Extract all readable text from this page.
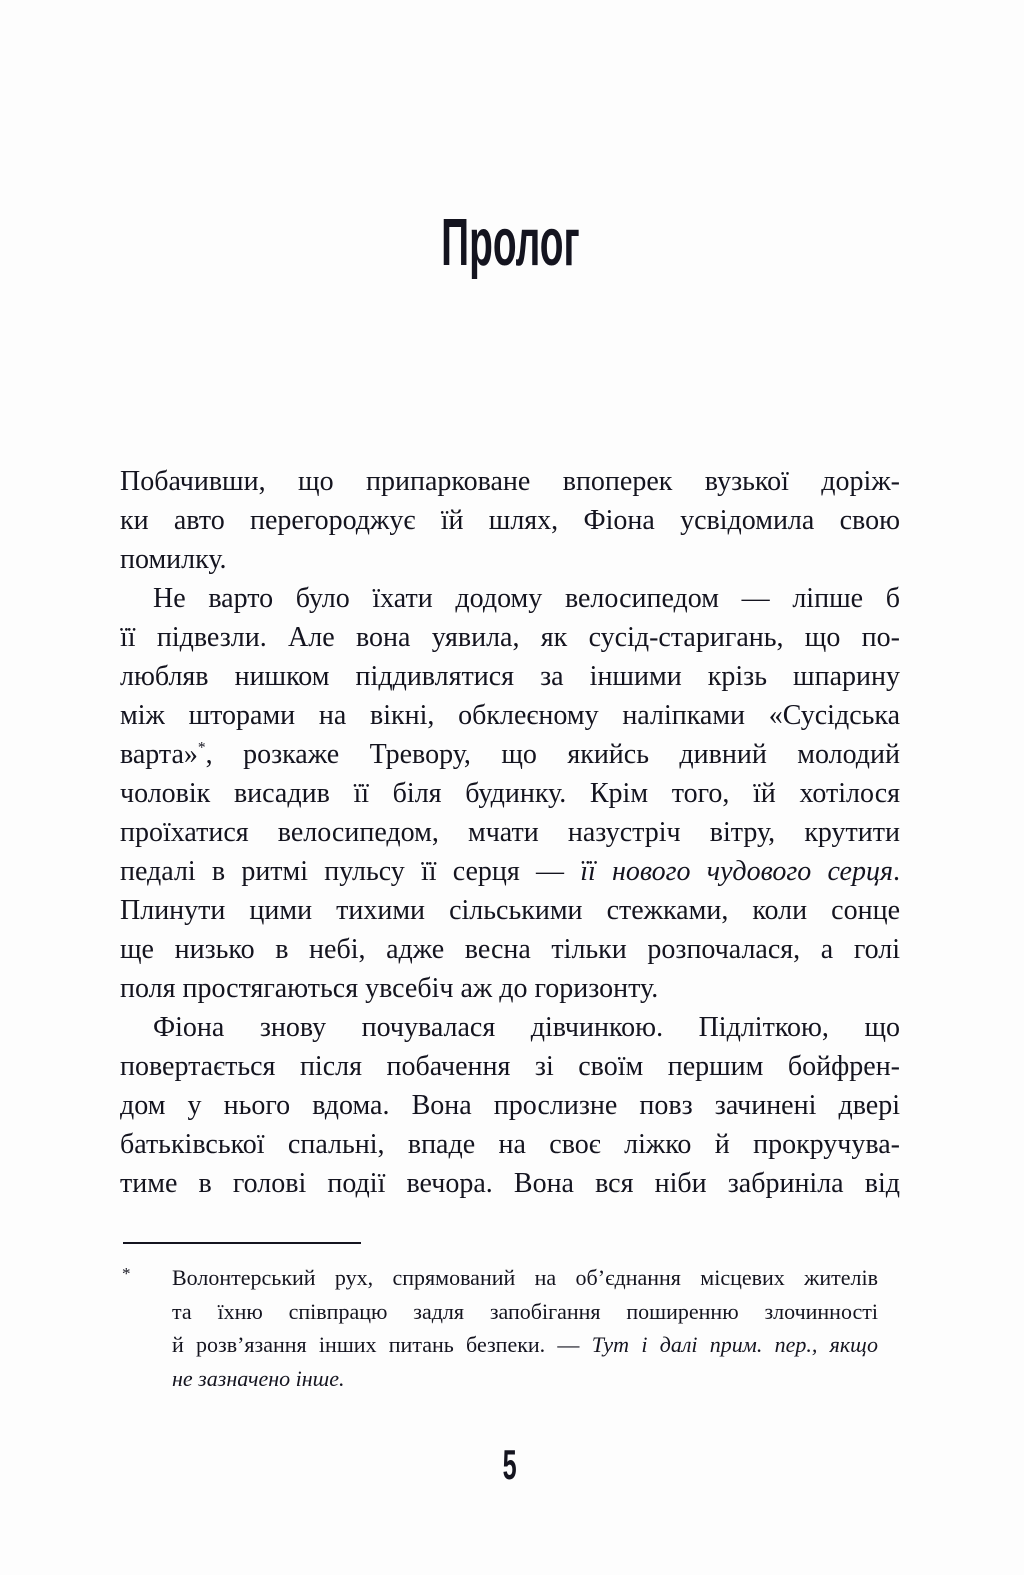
Пролог
Побачивши, що припарковане впоперек вузької доріж-
ки авто перегороджує їй шлях, Фіона усвідомила свою
помилку.
Не варто було їхати додому велосипедом — ліпше б
її підвезли. Але вона уявила, як сусід-старигань, що по-
любляв нишком піддивлятися за іншими крізь шпарину
між шторами на вікні, обклеєному наліпками «Сусідська
варта»*, розкаже Тревору, що якийсь дивний молодий
чоловік висадив її біля будинку. Крім того, їй хотілося
проїхатися велосипедом, мчати назустріч вітру, крутити
педалі в ритмі пульсу її серця — її нового чудового серця.
Плинути цими тихими сільськими стежками, коли сонце
ще низько в небі, адже весна тільки розпочалася, а голі
поля простягаються увсебіч аж до горизонту.
Фіона знову почувалася дівчинкою. Підліткою, що
повертається після побачення зі своїм першим бойфрен-
дом у нього вдома. Вона прослизне повз зачинені двері
батьківської спальні, впаде на своє ліжко й прокручува-
тиме в голові події вечора. Вона вся ніби забриніла від
* Волонтерський рух, спрямований на об’єднання місцевих жителів
та їхню співпрацю задля запобігання поширенню злочинності
й розв’язання інших питань безпеки. — Тут і далі прим. пер., якщо
не зазначено інше.
5
